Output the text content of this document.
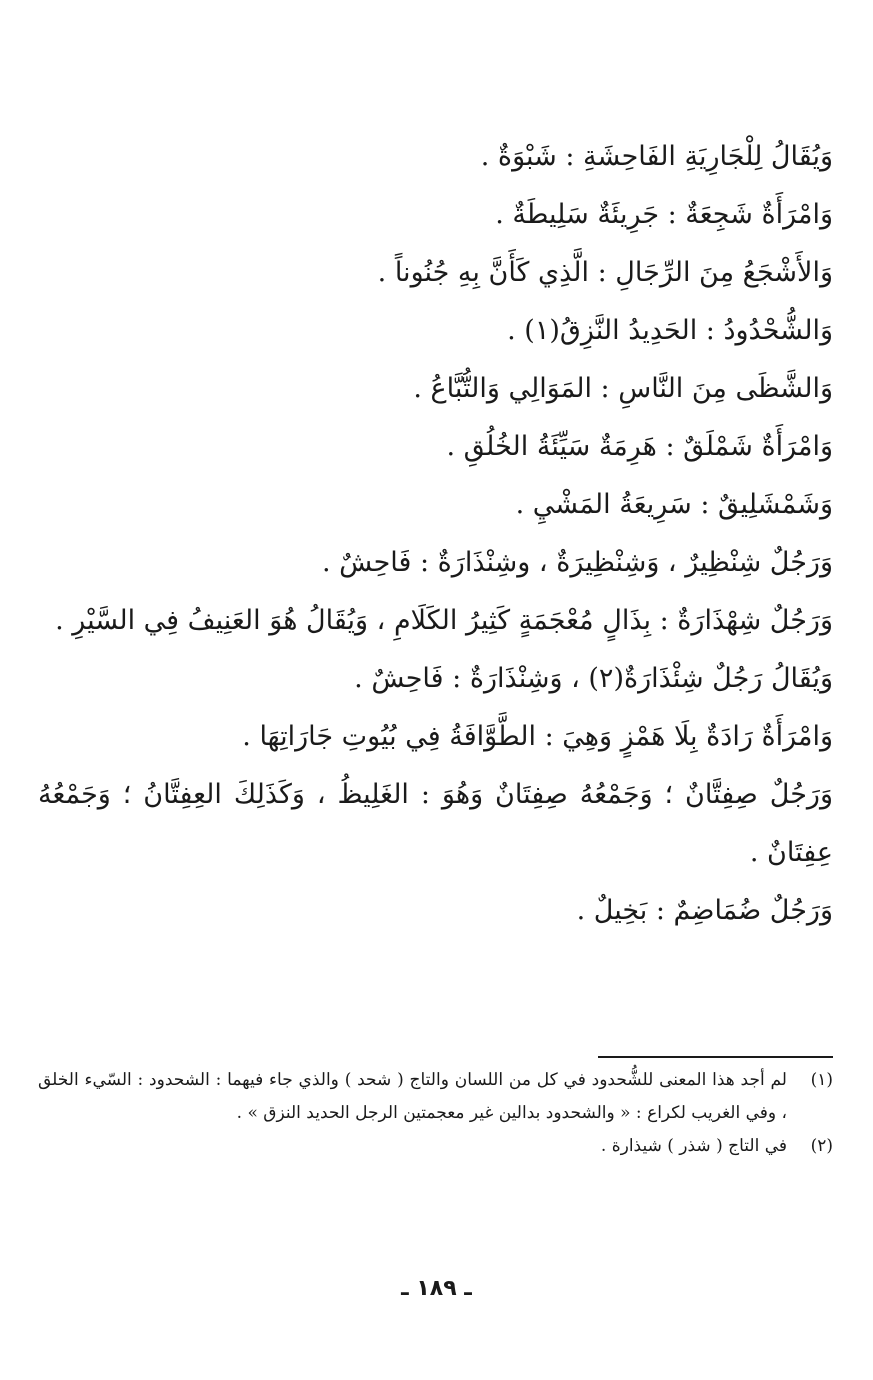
وَيُقَالُ لِلْجَارِيَةِ الفَاحِشَةِ : شَبْوَةٌ .

وَامْرَأَةٌ شَجِعَةٌ : جَرِيئَةٌ سَلِيطَةٌ .

وَالأَشْجَعُ مِنَ الرِّجَالِ : الَّذِي كَأَنَّ بِهِ جُنُوناً .

وَالشُّحْدُودُ : الحَدِيدُ النَّزِقُ(١) .

وَالشَّظَى مِنَ النَّاسِ : المَوَالِي وَالتُّبَّاعُ .

وَامْرَأَةٌ شَمْلَقٌ : هَرِمَةٌ سَيِّئَةُ الخُلُقِ .

وَشَمْشَلِيقٌ : سَرِيعَةُ المَشْيِ .

وَرَجُلٌ شِنْظِيرٌ ، وَشِنْظِيرَةٌ ، وشِنْذَارَةٌ : فَاحِشٌ .

وَرَجُلٌ شِهْذَارَةٌ : بِذَالٍ مُعْجَمَةٍ كَثِيرُ الكَلَامِ ، وَيُقَالُ هُوَ العَنِيفُ فِي السَّيْرِ .

وَيُقَالُ رَجُلٌ شِئْذَارَةٌ(٢) ، وَشِنْذَارَةٌ : فَاحِشٌ .

وَامْرَأَةٌ رَادَةٌ بِلَا هَمْزٍ وَهِيَ : الطَّوَّافَةُ فِي بُيُوتِ جَارَاتِهَا .

وَرَجُلٌ صِفِتَّانٌ ؛ وَجَمْعُهُ صِفِتَانٌ وَهُوَ : الغَلِيظُ ، وَكَذَلِكَ العِفِتَّانُ ؛ وَجَمْعُهُ عِفِتَانٌ .

وَرَجُلٌ ضُمَاضِمٌ : بَخِيلٌ .

(١)
لم أجد هذا المعنى للشُّحدود في كل من اللسان والتاج ( شحد ) والذي جاء فيهما : الشحدود : السّيء الخلق ، وفي الغريب لكراع : « والشحدود بدالين غير معجمتين الرجل الحديد النزق » .
(٢)
في التاج ( شذر ) شيذارة .
ـ ١٨٩ ـ
